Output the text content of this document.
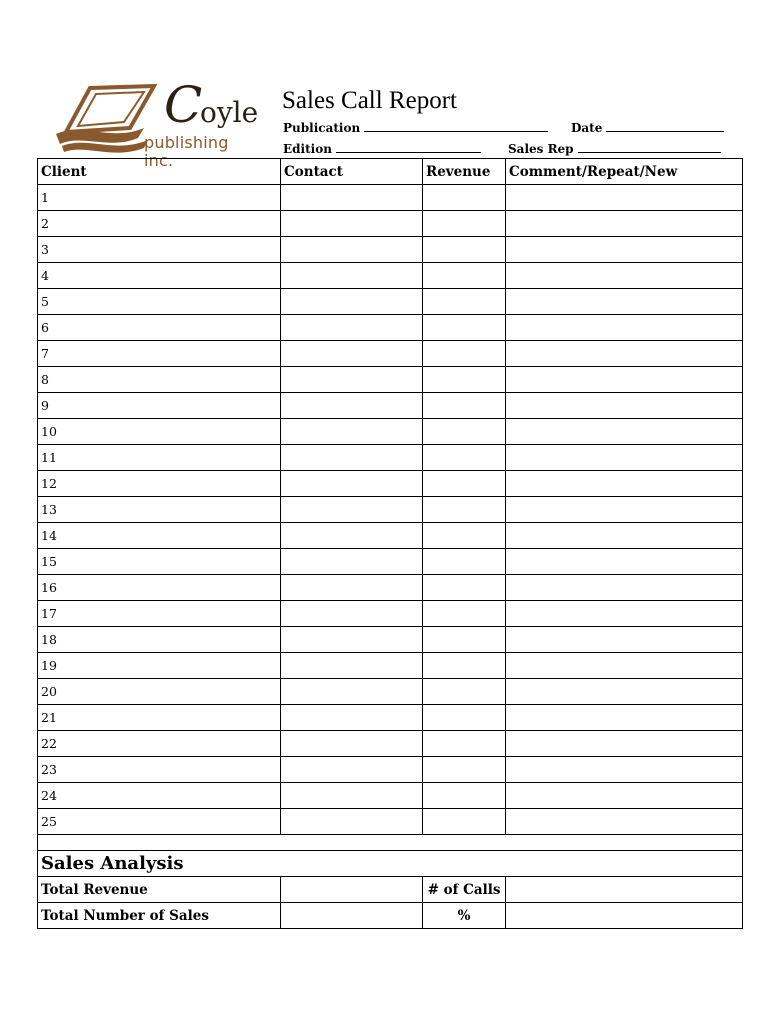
C
oyle
publishing inc.
Sales Call Report
Publication	Date
Edition	Sales Rep
Client	Contact	Revenue	Comment/Repeat/New
1			
2			
3			
4			
5			
6			
7			
8			
9			
10			
11			
12			
13			
14			
15			
16			
17			
18			
19			
20			
21			
22			
23			
24			
25			

Sales Analysis			
Total Revenue		# of Calls	
Total Number of Sales		%	
